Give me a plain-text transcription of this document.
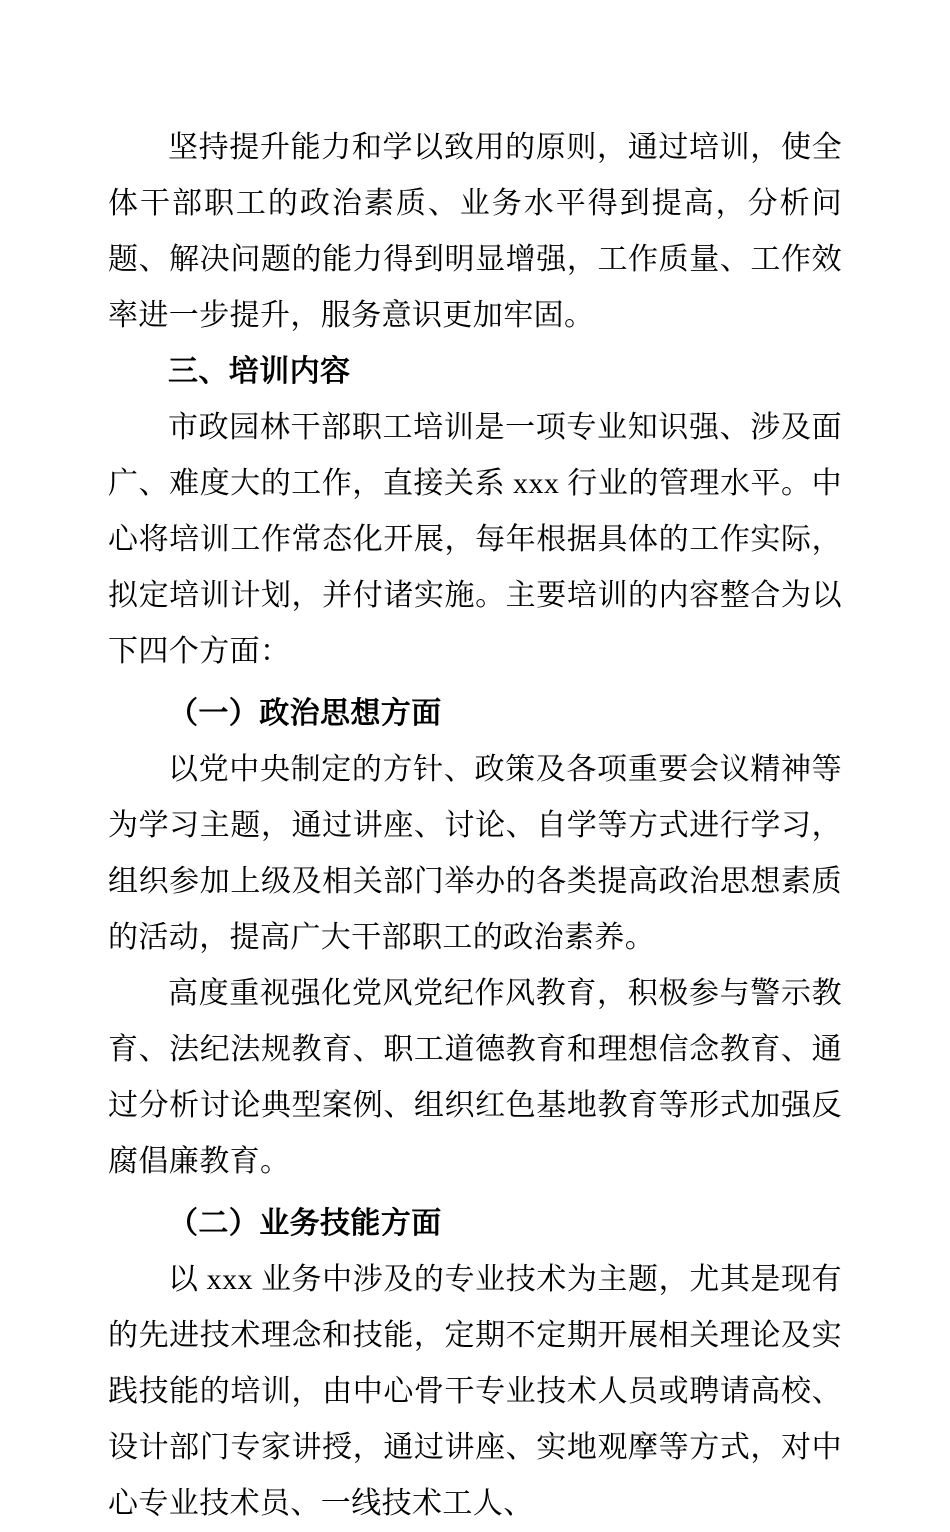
坚持提升能力和学以致用的原则，通过培训，使全体干部职工的政治素质、业务水平得到提高，分析问题、解决问题的能力得到明显增强，工作质量、工作效率进一步提升，服务意识更加牢固。

三、培训内容

市政园林干部职工培训是一项专业知识强、涉及面广、难度大的工作，直接关系 xxx 行业的管理水平。中心将培训工作常态化开展，每年根据具体的工作实际，拟定培训计划，并付诸实施。主要培训的内容整合为以下四个方面：

（一）政治思想方面

以党中央制定的方针、政策及各项重要会议精神等为学习主题，通过讲座、讨论、自学等方式进行学习，组织参加上级及相关部门举办的各类提高政治思想素质的活动，提高广大干部职工的政治素养。

高度重视强化党风党纪作风教育，积极参与警示教育、法纪法规教育、职工道德教育和理想信念教育、通过分析讨论典型案例、组织红色基地教育等形式加强反腐倡廉教育。

（二）业务技能方面

以 xxx 业务中涉及的专业技术为主题，尤其是现有的先进技术理念和技能，定期不定期开展相关理论及实践技能的培训，由中心骨干专业技术人员或聘请高校、设计部门专家讲授，通过讲座、实地观摩等方式，对中心专业技术员、一线技术工人、
